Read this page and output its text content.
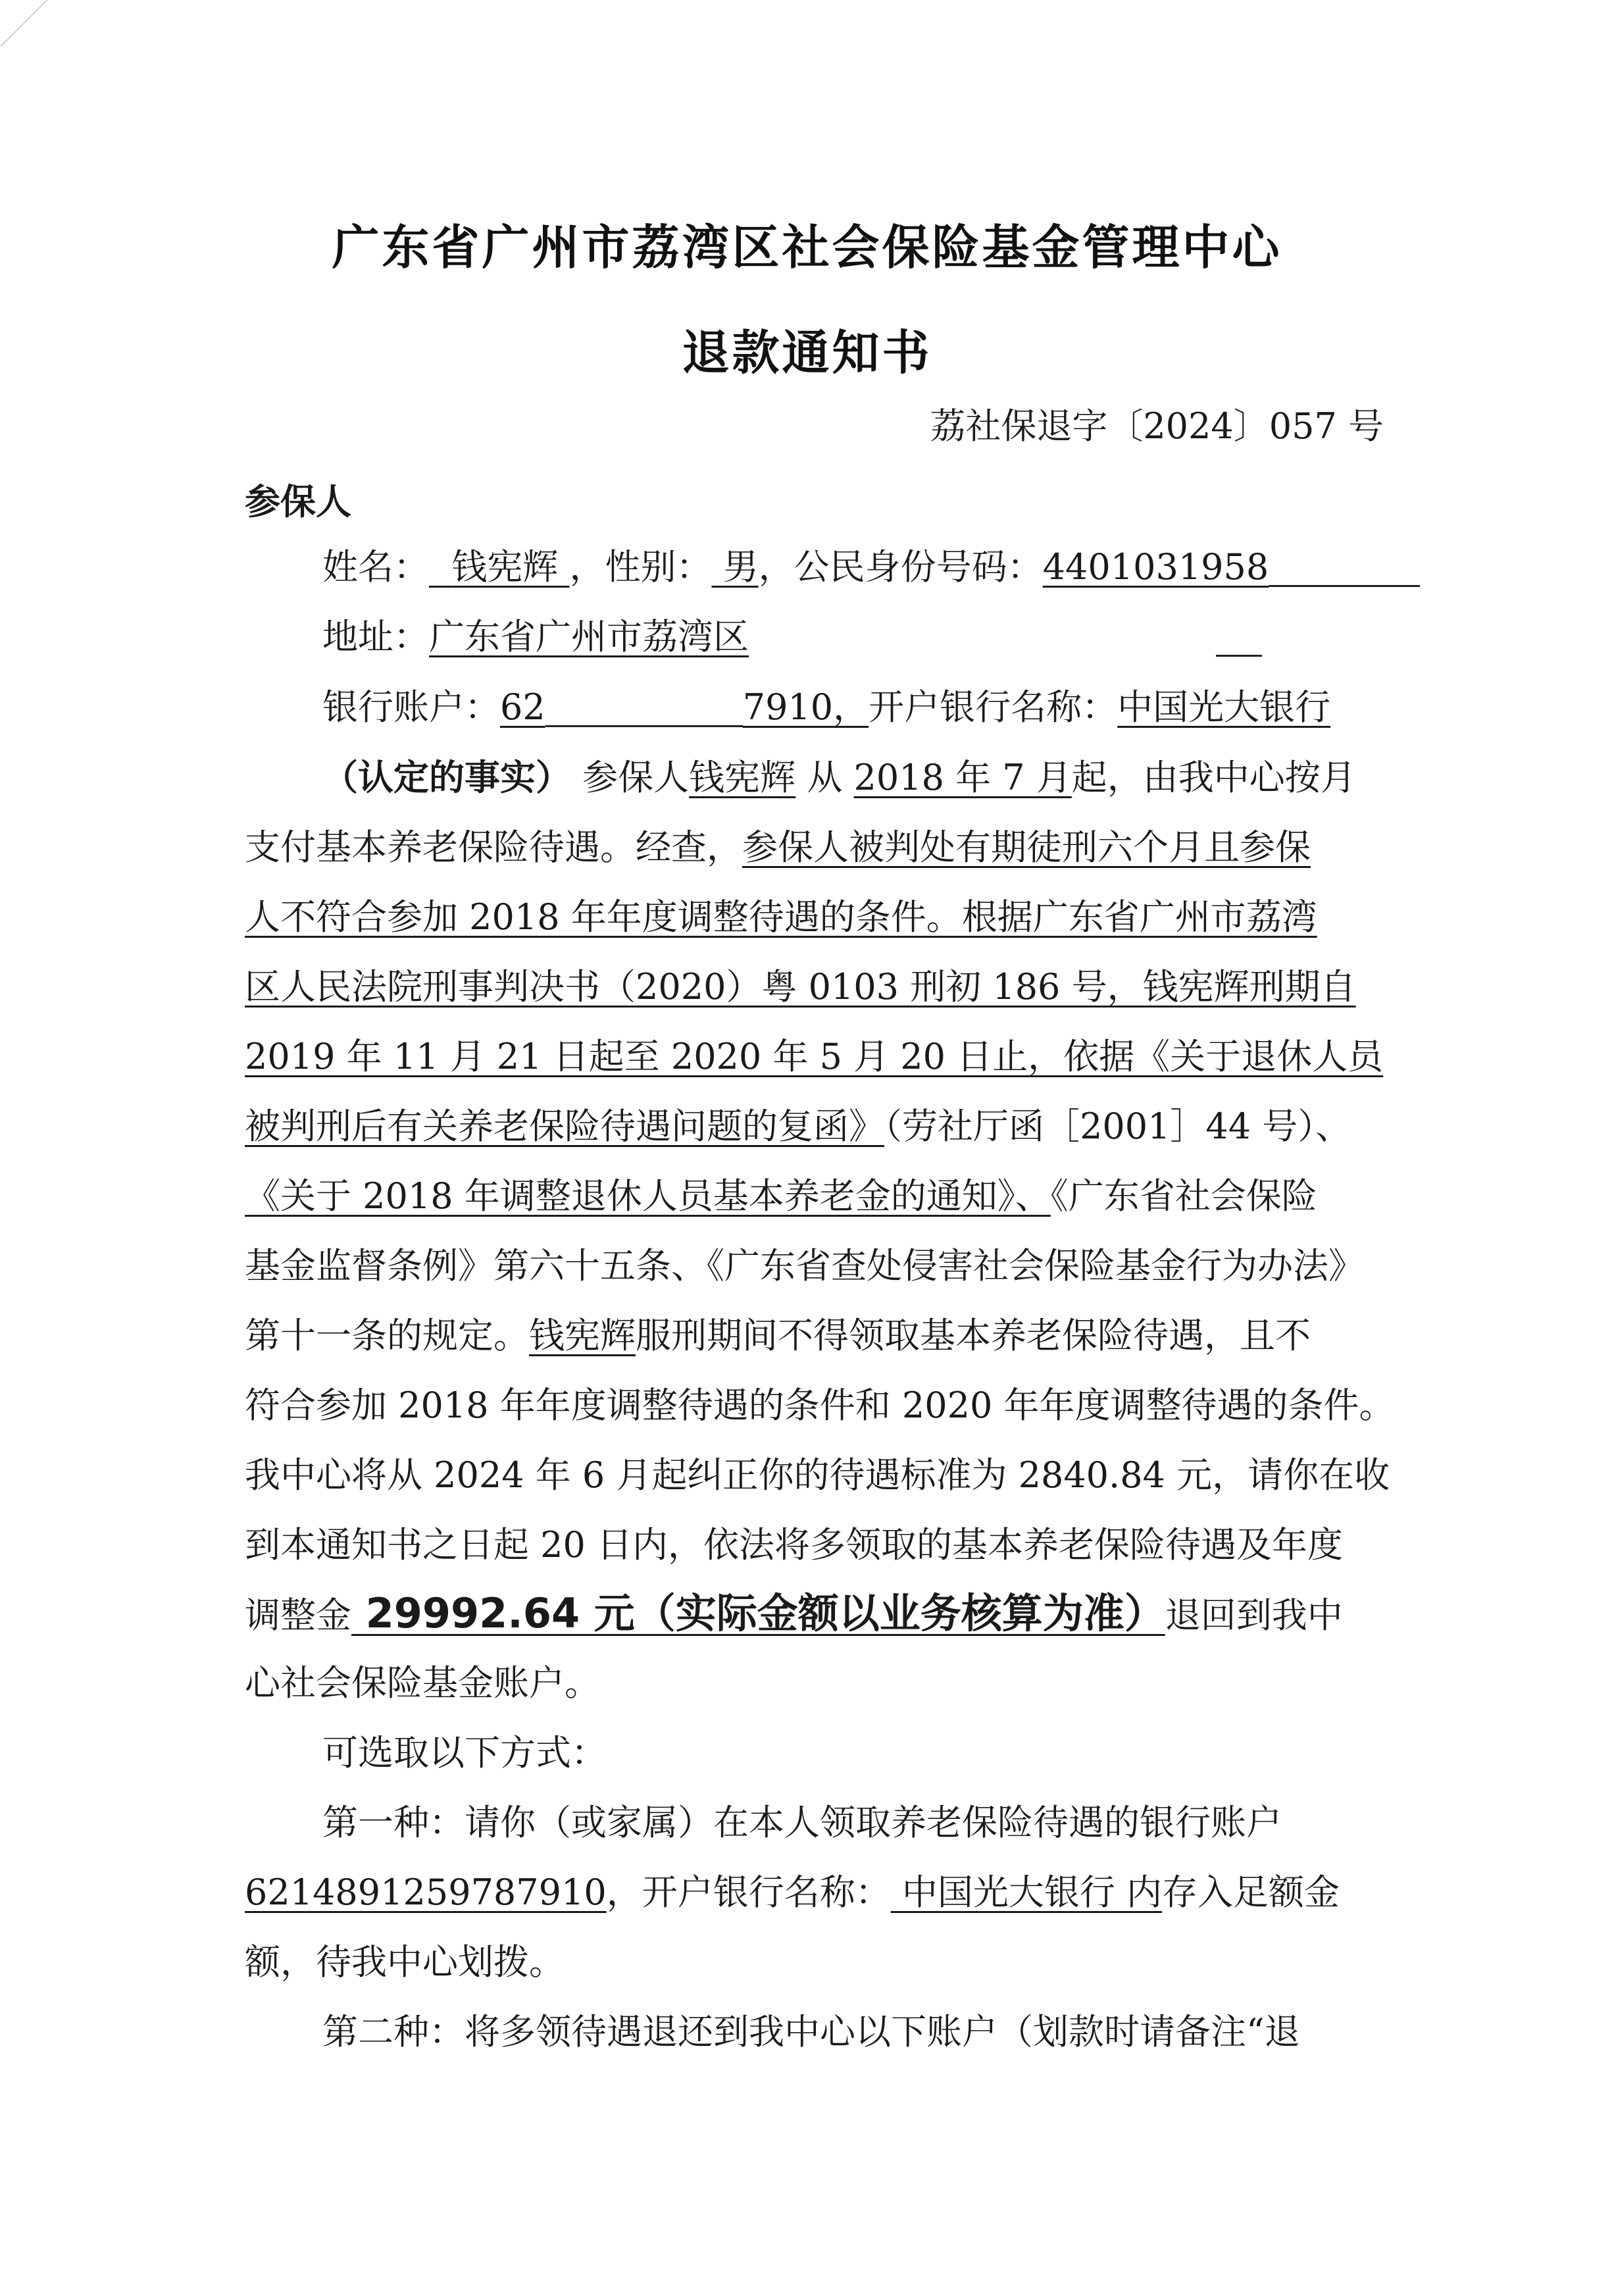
广东省广州市荔湾区社会保险基金管理中心
退款通知书
荔社保退字〔2024〕057 号
参保人
姓名： 钱宪辉 ，性别： 男，公民身份号码：4401031958
地址：广东省广州市荔湾区
银行账户：62	7910，开户银行名称：中国光大银行
（认定的事实） 参保人钱宪辉 从 2018 年 7 月起，由我中心按月
支付基本养老保险待遇。经查，参保人被判处有期徒刑六个月且参保
人不符合参加 2018 年年度调整待遇的条件。根据广东省广州市荔湾
区人民法院刑事判决书（2020）粤 0103 刑初 186 号，钱宪辉刑期自
2019 年 11 月 21 日起至 2020 年 5 月 20 日止，依据《关于退休人员
被判刑后有关养老保险待遇问题的复函》（劳社厅函［2001］44 号）、
《关于 2018 年调整退休人员基本养老金的通知》、《广东省社会保险
基金监督条例》第六十五条、《广东省查处侵害社会保险基金行为办法》
第十一条的规定。钱宪辉服刑期间不得领取基本养老保险待遇，且不
符合参加 2018 年年度调整待遇的条件和 2020 年年度调整待遇的条件。
我中心将从 2024 年 6 月起纠正你的待遇标准为 2840.84 元，请你在收
到本通知书之日起 20 日内，依法将多领取的基本养老保险待遇及年度
调整金 29992.64 元（实际金额以业务核算为准）退回到我中
心社会保险基金账户。
可选取以下方式：
第一种：请你（或家属）在本人领取养老保险待遇的银行账户
6214891259787910，开户银行名称： 中国光大银行 内存入足额金
额，待我中心划拨。
第二种：将多领待遇退还到我中心以下账户（划款时请备注“退
